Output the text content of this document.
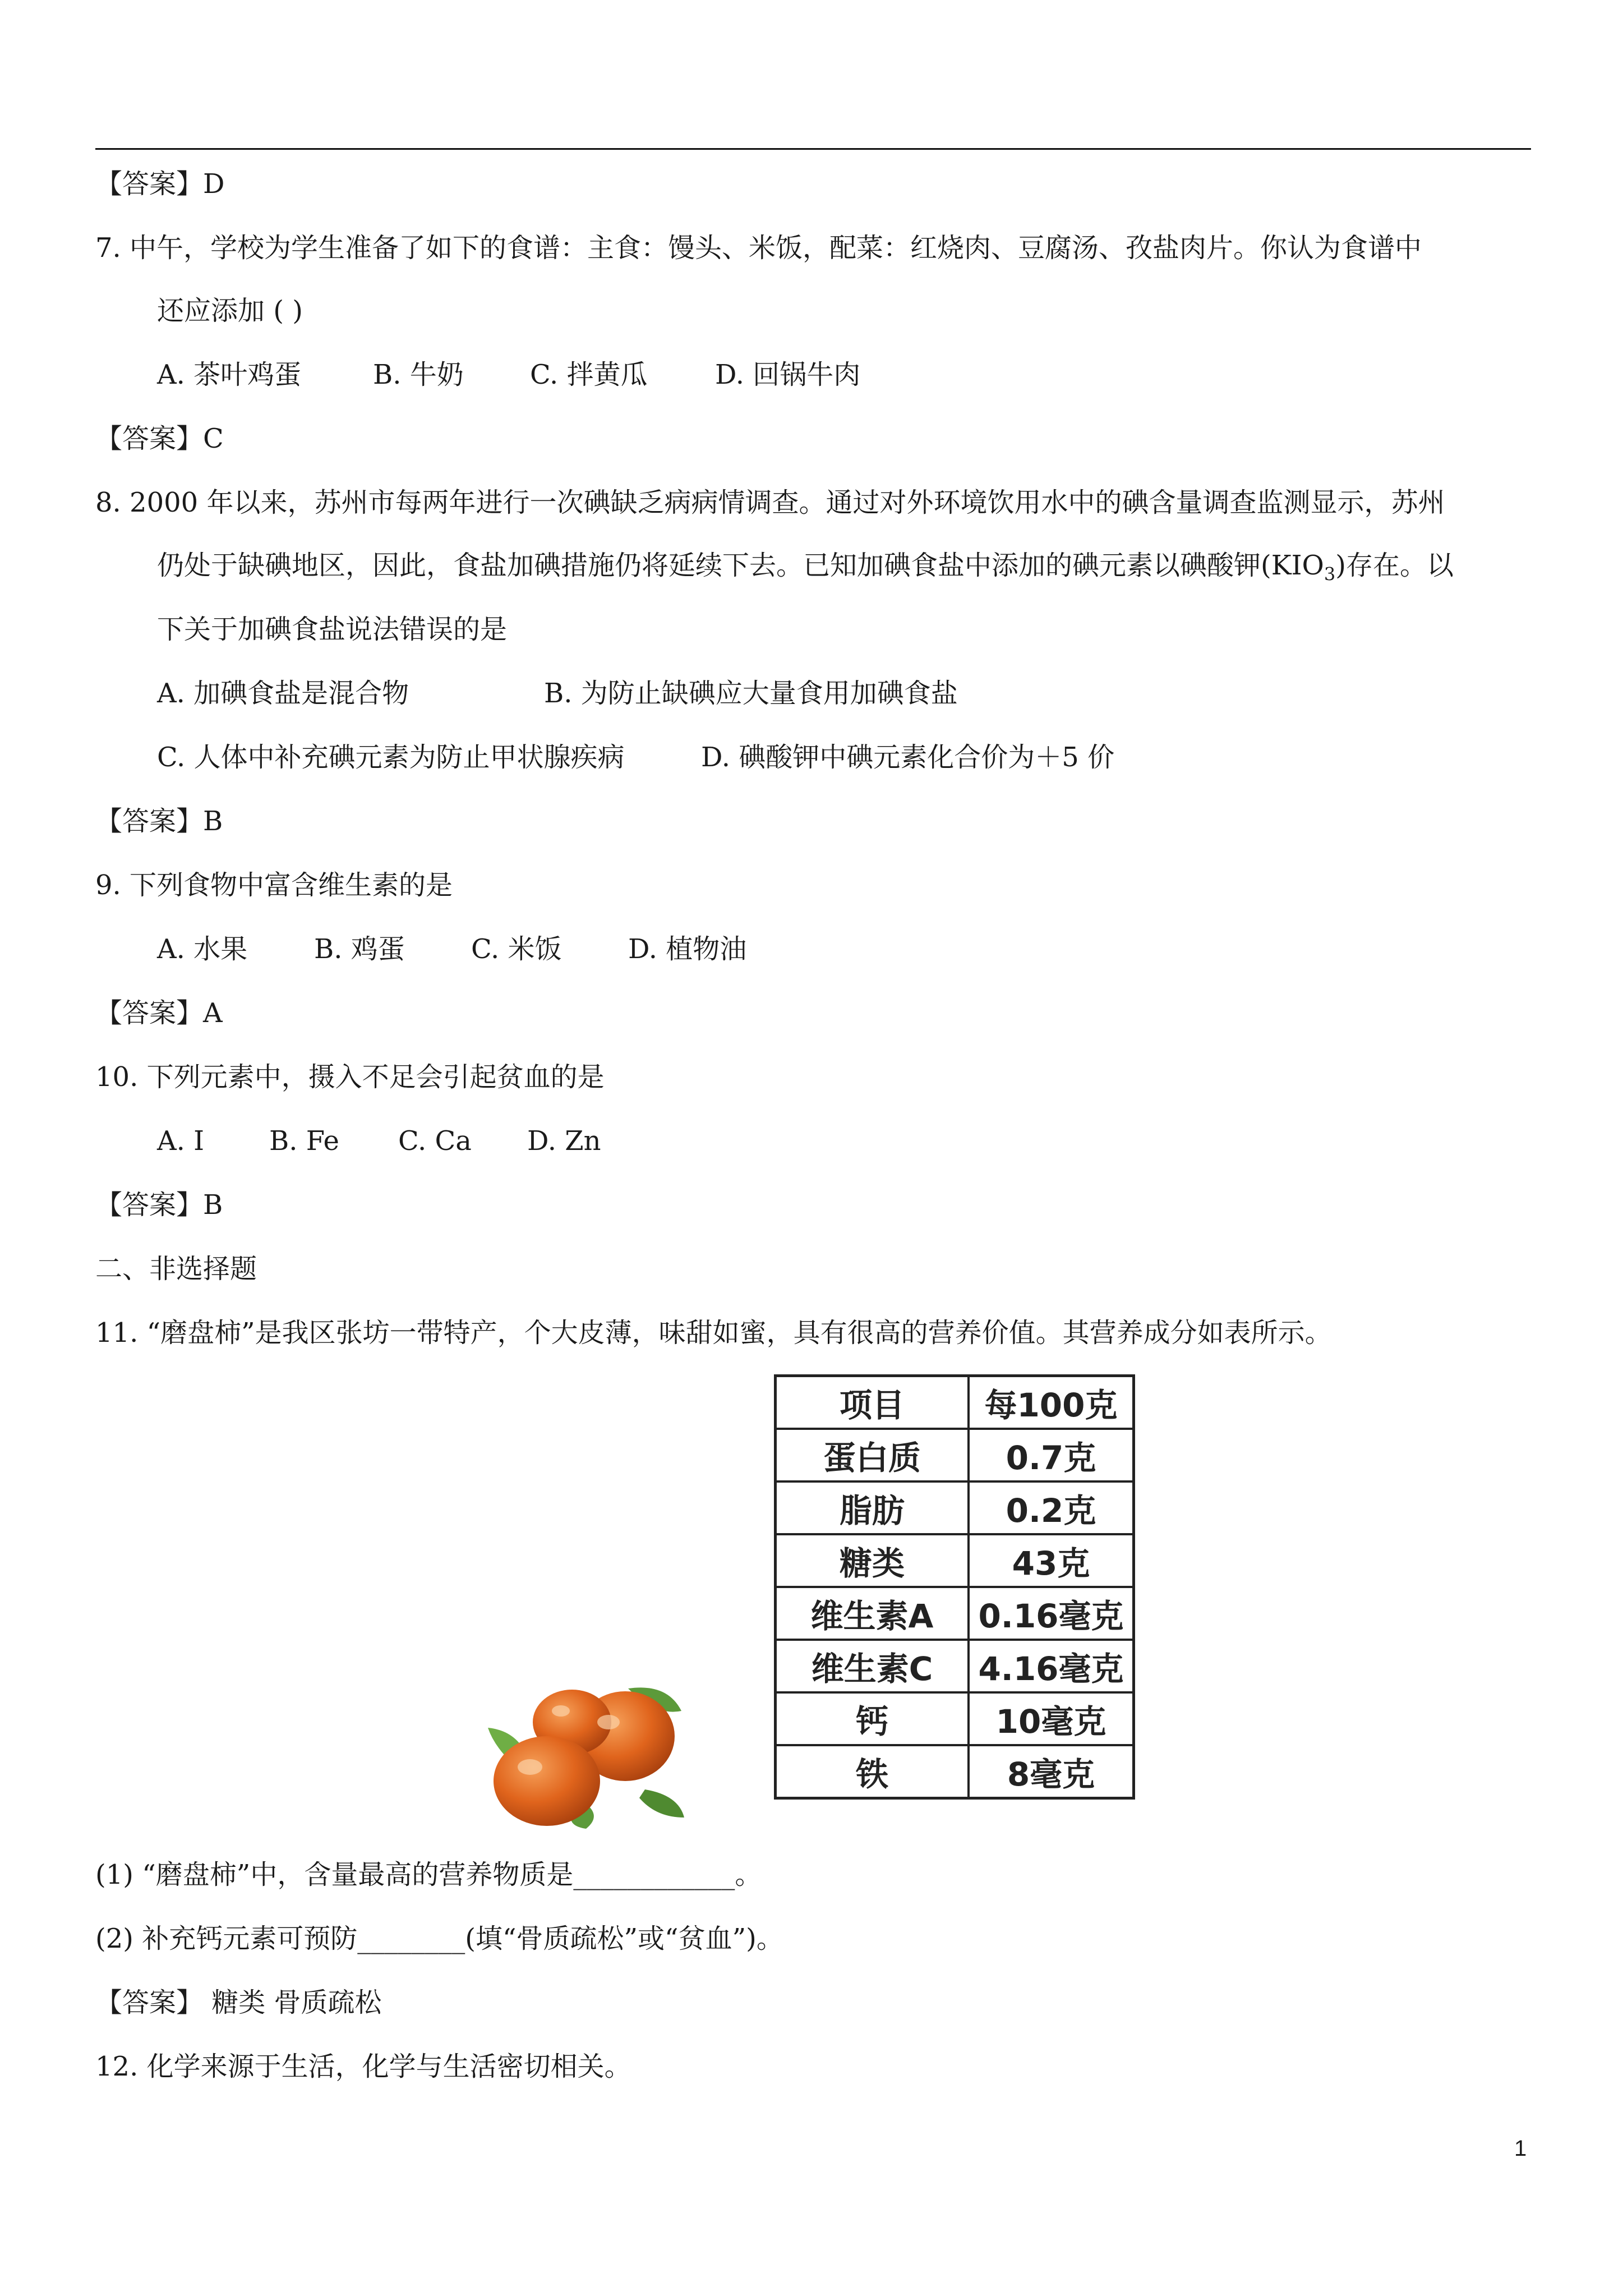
【答案】D
7. 中午，学校为学生准备了如下的食谱：主食：馒头、米饭，配菜：红烧肉、豆腐汤、孜盐肉片。你认为食谱中
还应添加 ( )
A. 茶叶鸡蛋	B. 牛奶 C. 拌黄瓜	D. 回锅牛肉
【答案】C
8. 2000 年以来，苏州市每两年进行一次碘缺乏病病情调查。通过对外环境饮用水中的碘含量调查监测显示，苏州
仍处于缺碘地区，因此，食盐加碘措施仍将延续下去。已知加碘食盐中添加的碘元素以碘酸钾$(KIO_3)$存在。以
下关于加碘食盐说法错误的是
A. 加碘食盐是混合物	B. 为防止缺碘应大量食用加碘食盐
C. 人体中补充碘元素为防止甲状腺疾病	D. 碘酸钾中碘元素化合价为＋5 价
【答案】B
9. 下列食物中富含维生素的是
A. 水果 B. 鸡蛋 C. 米饭 D. 植物油
【答案】A
10. 下列元素中，摄入不足会引起贫血的是
A. I B. Fe C. Ca D. Zn
【答案】B
二、非选择题
11. “磨盘柿”是我区张坊一带特产，个大皮薄，味甜如蜜，具有很高的营养价值。其营养成分如表所示。
项目	每100克
蛋白质	0.7克
脂肪	0.2克
糖类	43克
维生素A	0.16毫克
维生素C	4.16毫克
钙	10毫克
铁	8毫克
(1) “磨盘柿”中，含量最高的营养物质是____________。
(2) 补充钙元素可预防________(填“骨质疏松”或“贫血”)。
【答案】 糖类 骨质疏松
12. 化学来源于生活，化学与生活密切相关。
1
